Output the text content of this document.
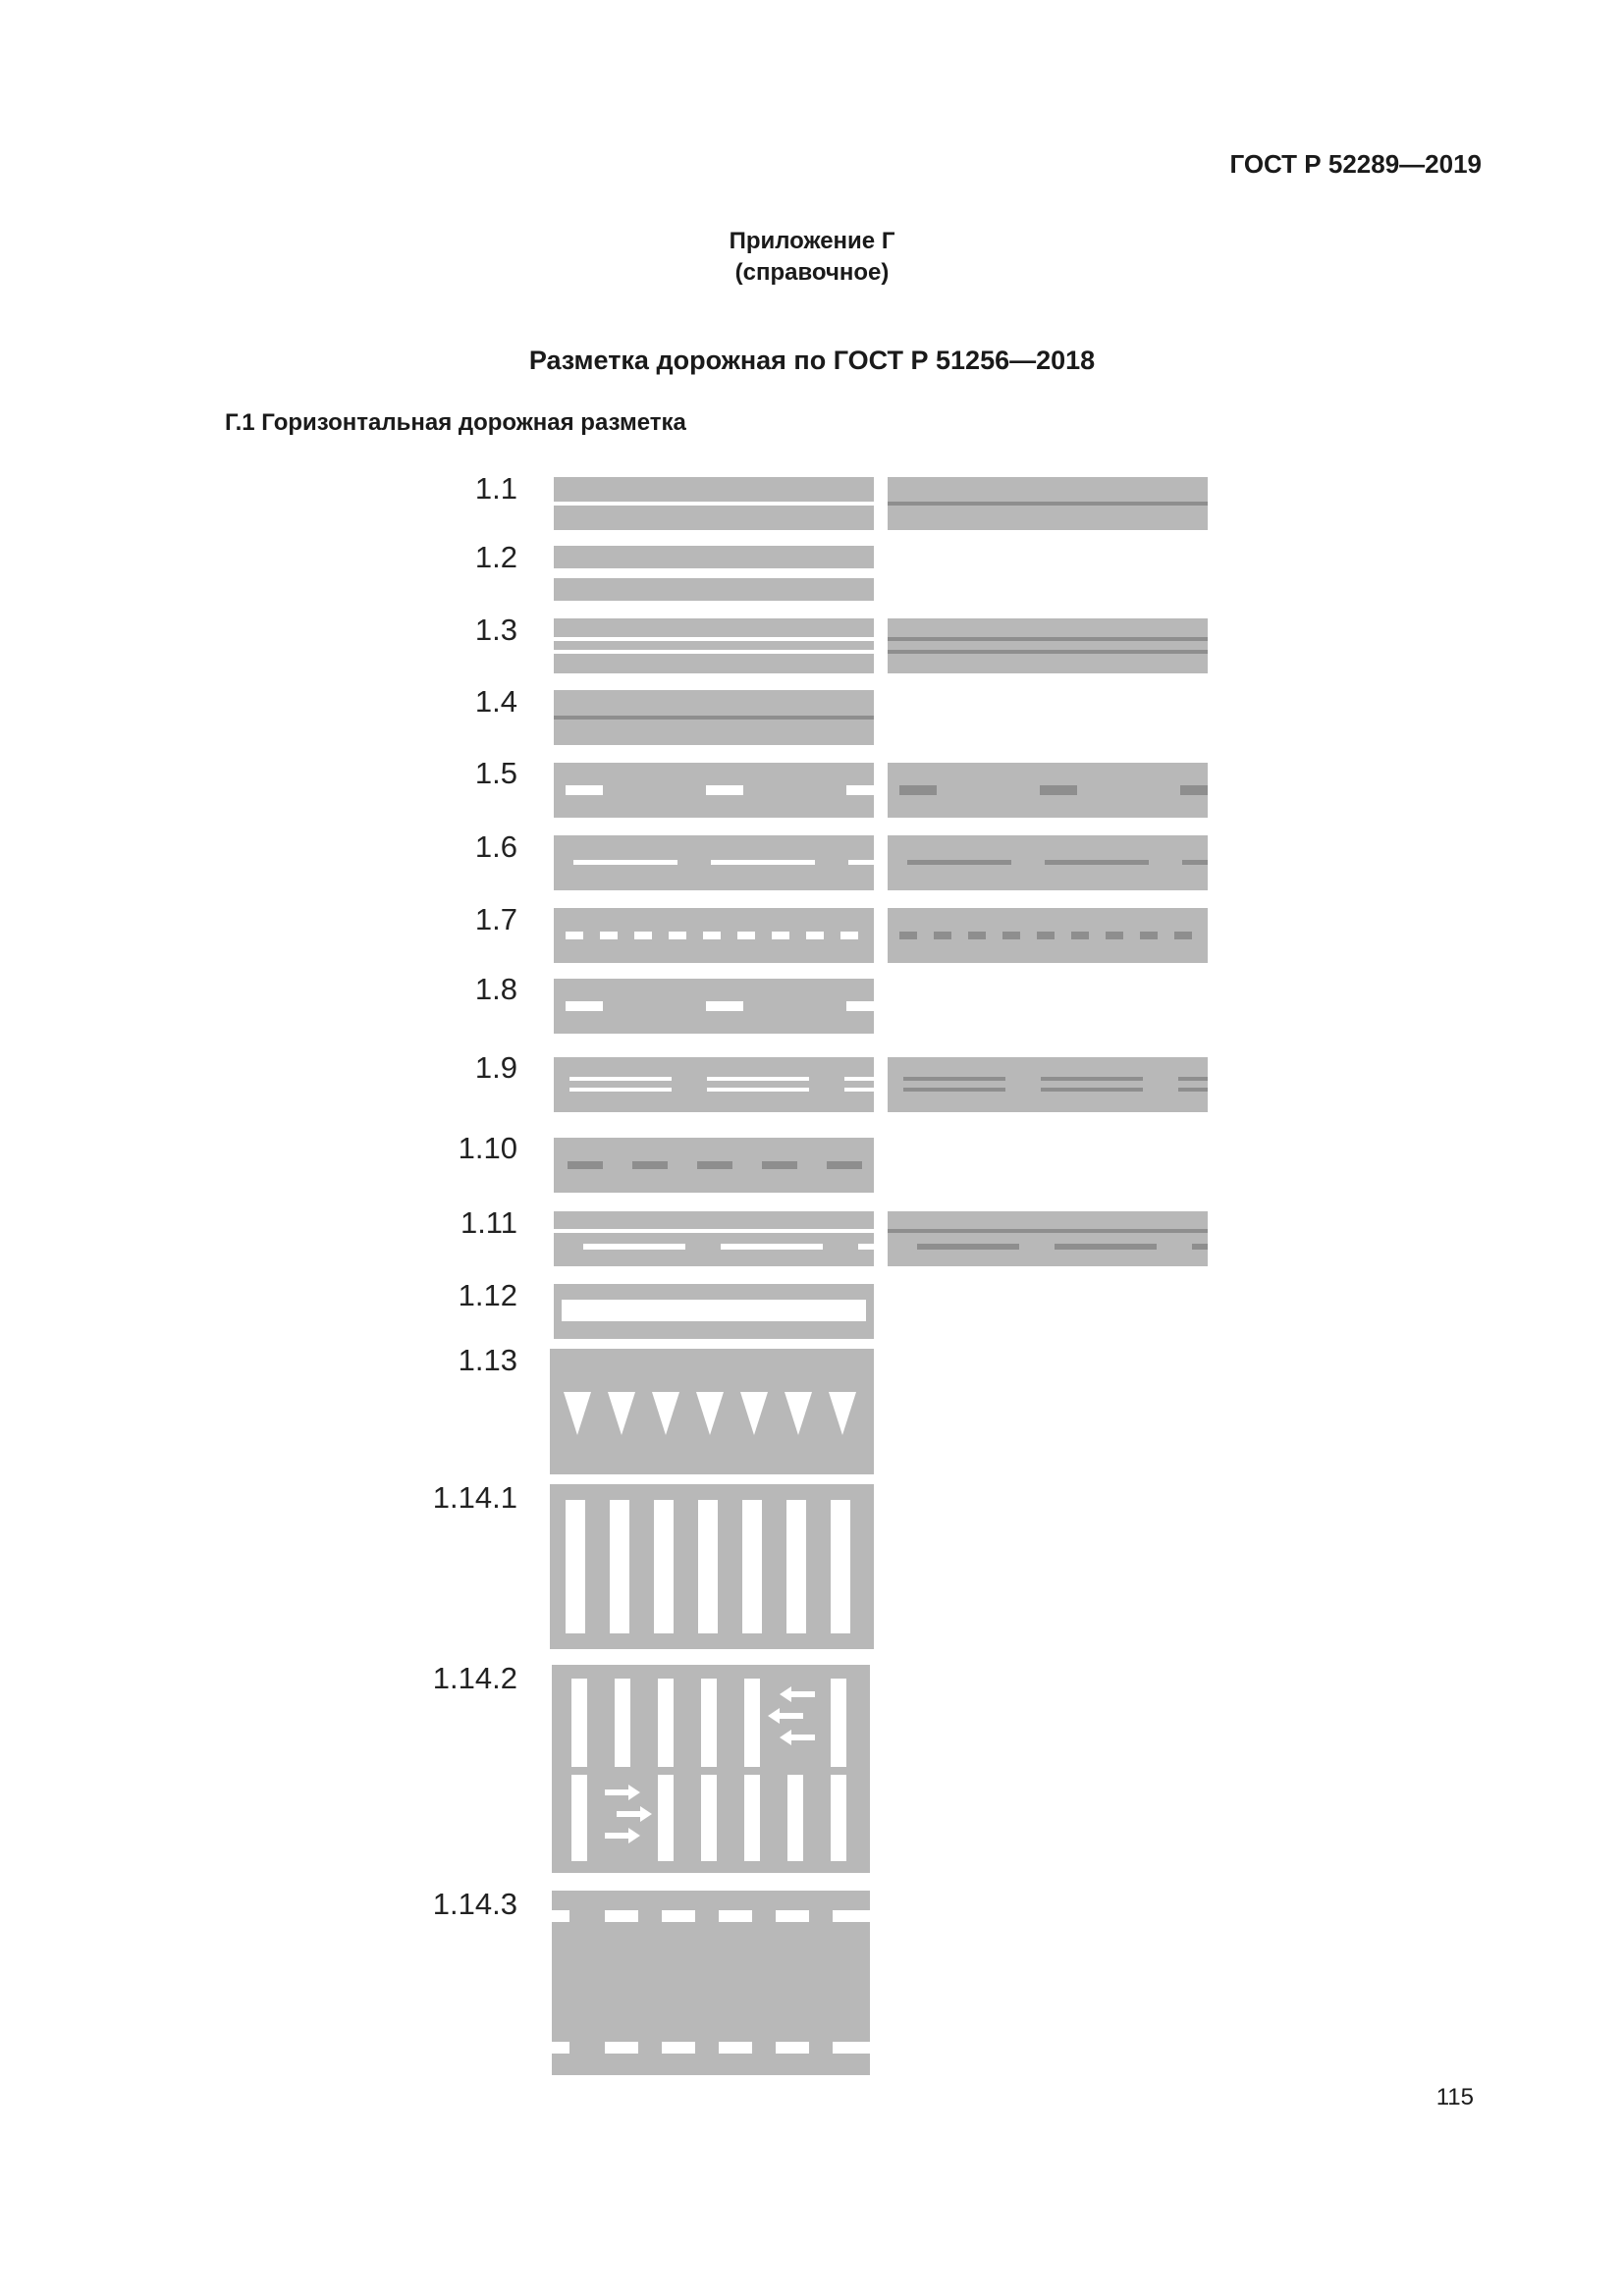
ГОСТ Р 52289—2019
Приложение Г
(справочное)
Разметка дорожная по ГОСТ Р 51256—2018
Г.1 Горизонтальная дорожная разметка
1.1
1.2
1.3
1.4
1.5
1.6
1.7
1.8
1.9
1.10
1.11
1.12
1.13
1.14.1
1.14.2
1.14.3
115
